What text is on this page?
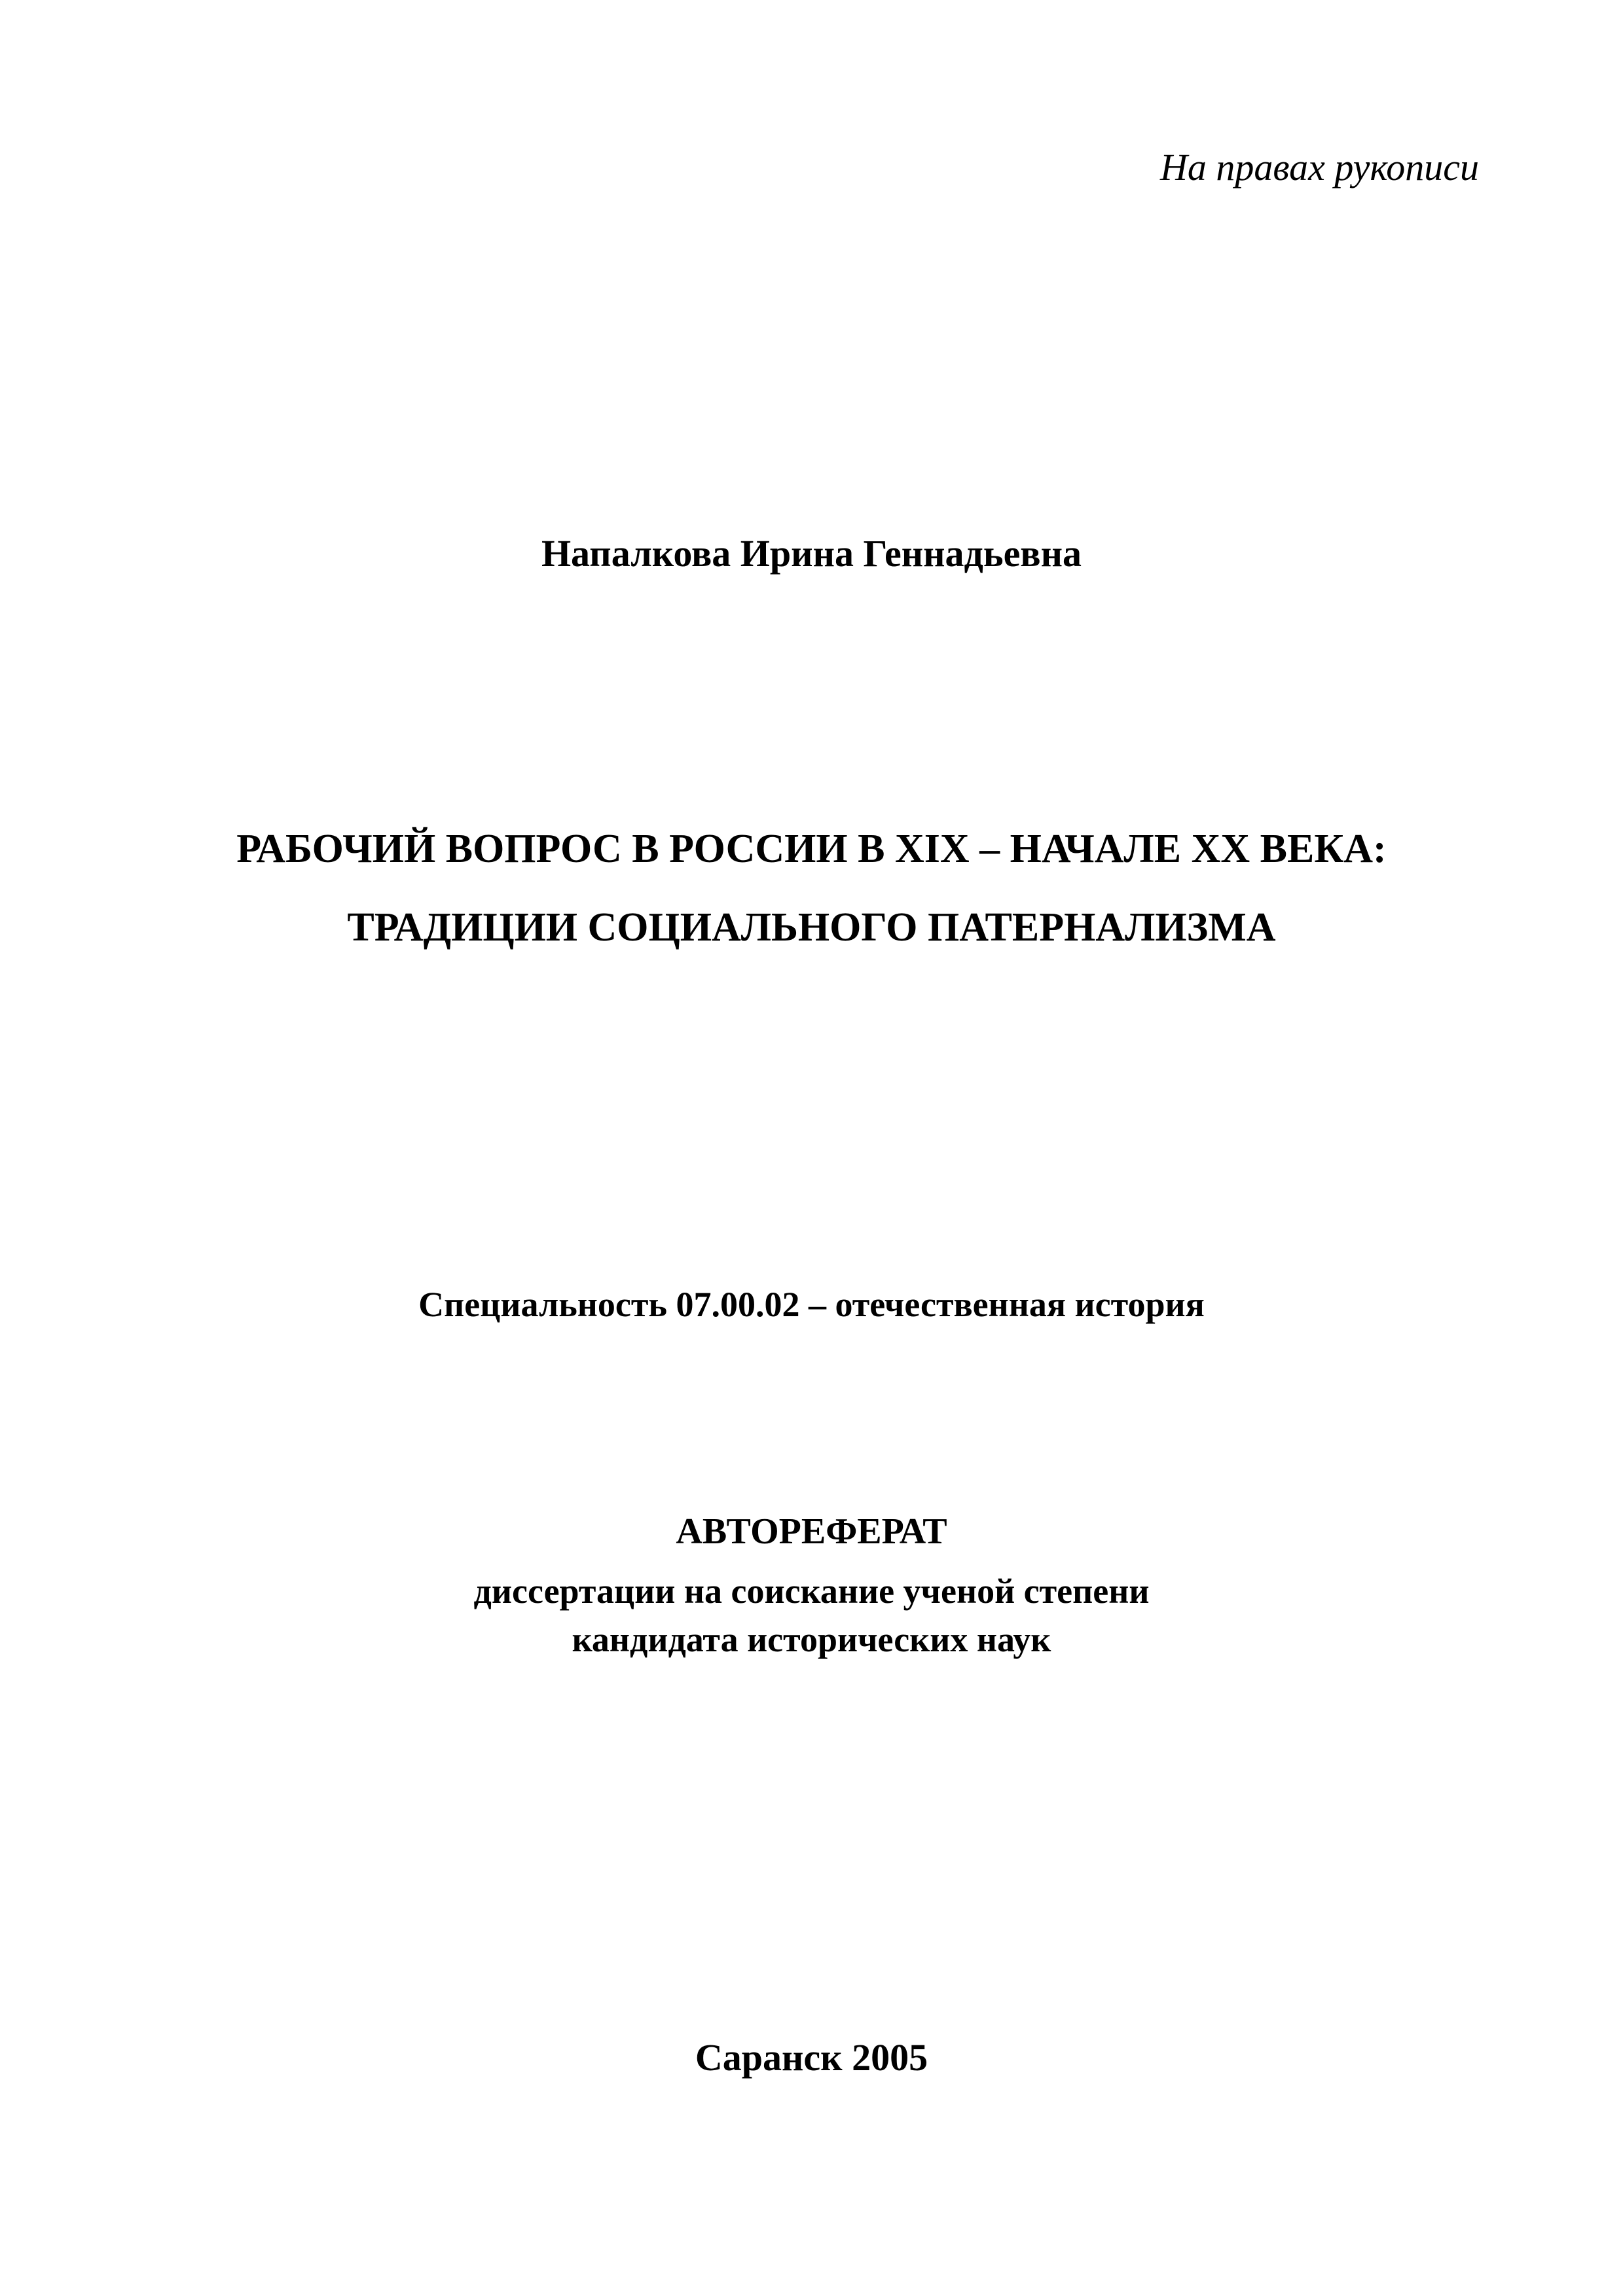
На правах рукописи
Напалкова Ирина Геннадьевна
РАБОЧИЙ ВОПРОС В РОССИИ В XIX – НАЧАЛЕ XX ВЕКА:
ТРАДИЦИИ СОЦИАЛЬНОГО ПАТЕРНАЛИЗМА
Специальность 07.00.02 – отечественная история
АВТОРЕФЕРАТ
диссертации на соискание ученой степени
кандидата исторических наук
Саранск 2005
